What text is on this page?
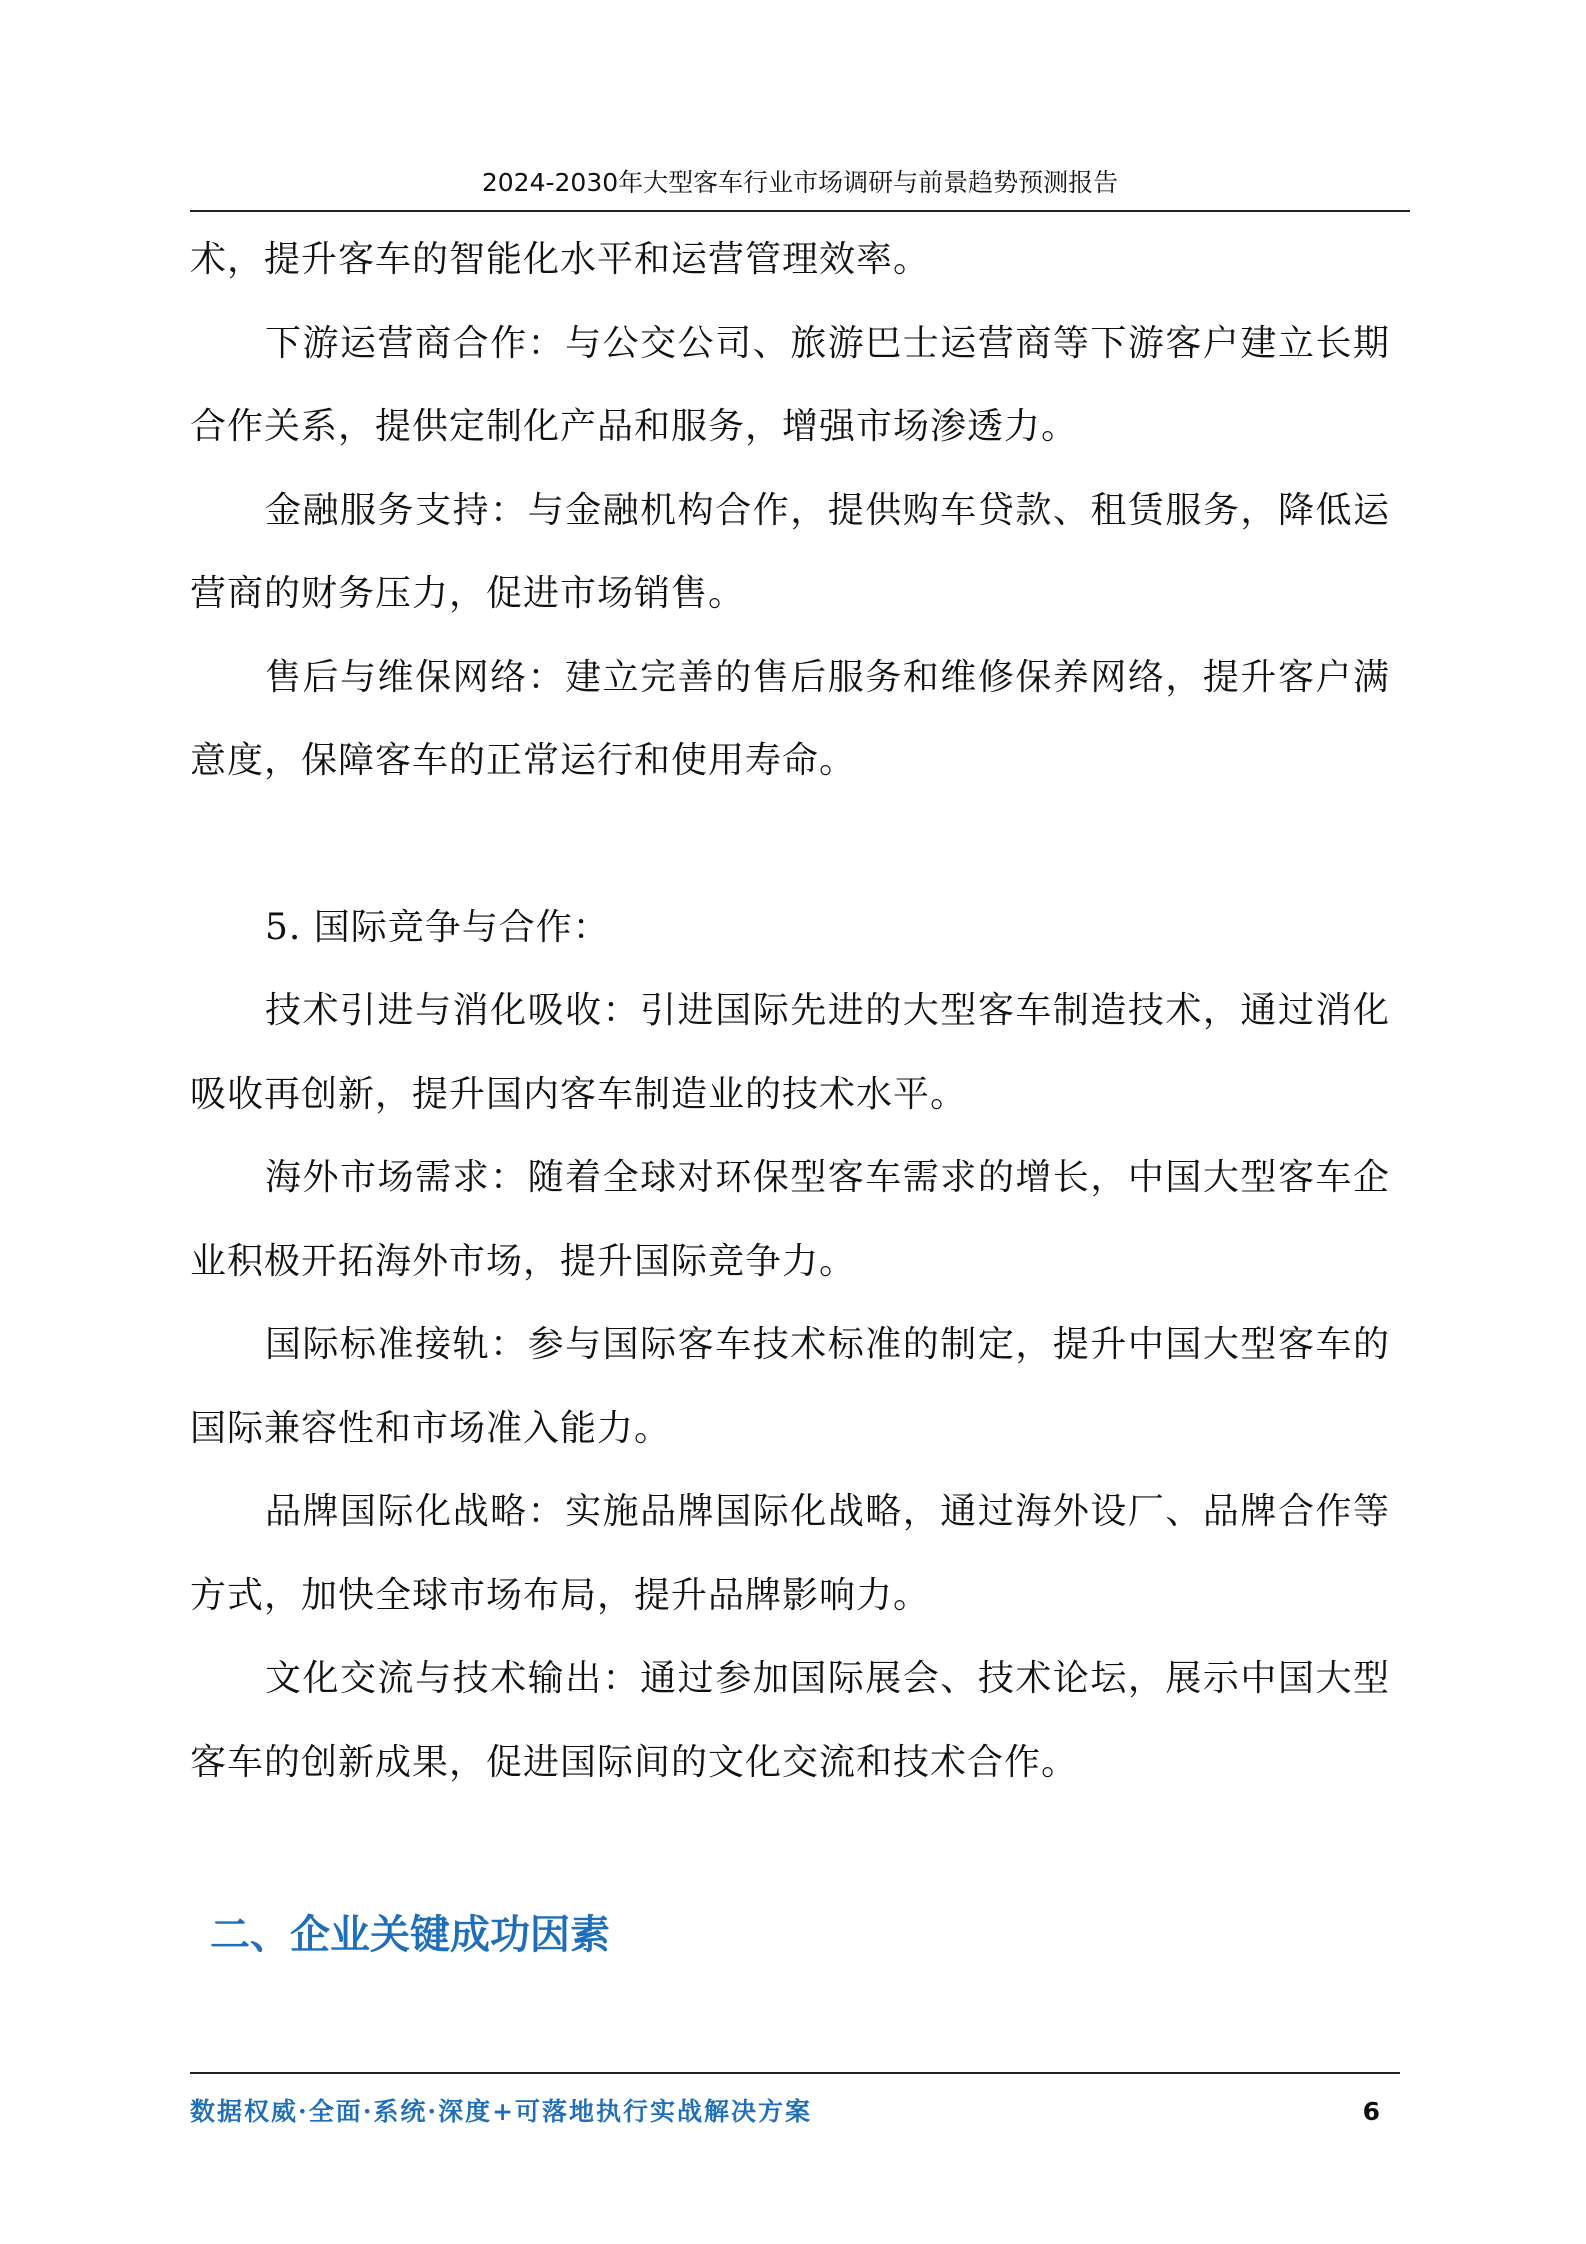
2024-2030年大型客车行业市场调研与前景趋势预测报告

术，提升客车的智能化水平和运营管理效率。

下游运营商合作：与公交公司、旅游巴士运营商等下游客户建立长期合作关系，提供定制化产品和服务，增强市场渗透力。

金融服务支持：与金融机构合作，提供购车贷款、租赁服务，降低运营商的财务压力，促进市场销售。

售后与维保网络：建立完善的售后服务和维修保养网络，提升客户满意度，保障客车的正常运行和使用寿命。

5. 国际竞争与合作：

技术引进与消化吸收：引进国际先进的大型客车制造技术，通过消化吸收再创新，提升国内客车制造业的技术水平。

海外市场需求：随着全球对环保型客车需求的增长，中国大型客车企业积极开拓海外市场，提升国际竞争力。

国际标准接轨：参与国际客车技术标准的制定，提升中国大型客车的国际兼容性和市场准入能力。

品牌国际化战略：实施品牌国际化战略，通过海外设厂、品牌合作等方式，加快全球市场布局，提升品牌影响力。

文化交流与技术输出：通过参加国际展会、技术论坛，展示中国大型客车的创新成果，促进国际间的文化交流和技术合作。

二、企业关键成功因素
数据权威·全面·系统·深度+可落地执行实战解决方案	6
